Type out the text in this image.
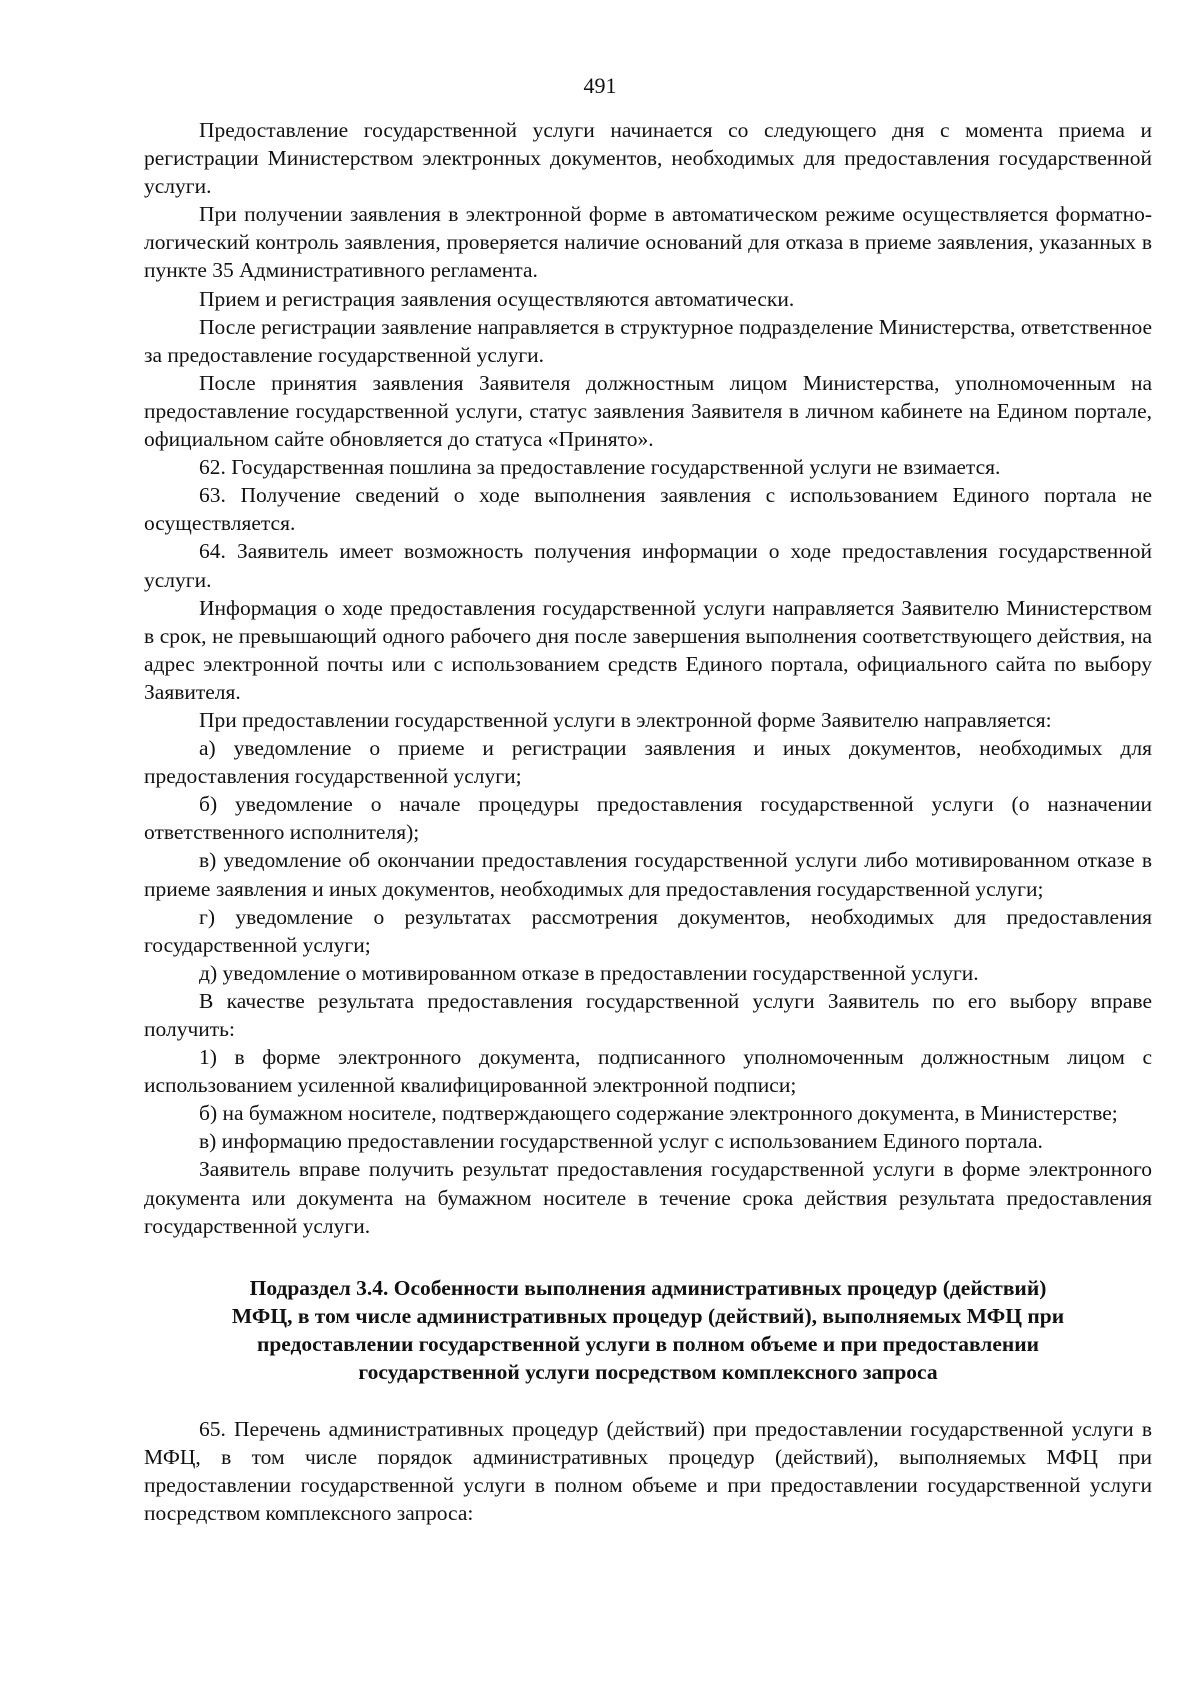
491

Предоставление государственной услуги начинается со следующего дня с момента приема и регистрации Министерством электронных документов, необходимых для предоставления государственной услуги.

При получении заявления в электронной форме в автоматическом режиме осуществляется форматно-логический контроль заявления, проверяется наличие оснований для отказа в приеме заявления, указанных в пункте 35 Административного регламента.

Прием и регистрация заявления осуществляются автоматически.

После регистрации заявление направляется в структурное подразделение Министерства, ответственное за предоставление государственной услуги.

После принятия заявления Заявителя должностным лицом Министерства, уполномоченным на предоставление государственной услуги, статус заявления Заявителя в личном кабинете на Едином портале, официальном сайте обновляется до статуса «Принято».

62. Государственная пошлина за предоставление государственной услуги не взимается.

63. Получение сведений о ходе выполнения заявления с использованием Единого портала не осуществляется.

64. Заявитель имеет возможность получения информации о ходе предоставления государственной услуги.

Информация о ходе предоставления государственной услуги направляется Заявителю Министерством в срок, не превышающий одного рабочего дня после завершения выполнения соответствующего действия, на адрес электронной почты или с использованием средств Единого портала, официального сайта по выбору Заявителя.

При предоставлении государственной услуги в электронной форме Заявителю направляется:

а) уведомление о приеме и регистрации заявления и иных документов, необходимых для предоставления государственной услуги;

б) уведомление о начале процедуры предоставления государственной услуги (о назначении ответственного исполнителя);

в) уведомление об окончании предоставления государственной услуги либо мотивированном отказе в приеме заявления и иных документов, необходимых для предоставления государственной услуги;

г) уведомление о результатах рассмотрения документов, необходимых для предоставления государственной услуги;

д) уведомление о мотивированном отказе в предоставлении государственной услуги.

В качестве результата предоставления государственной услуги Заявитель по его выбору вправе получить:

1) в форме электронного документа, подписанного уполномоченным должностным лицом с использованием усиленной квалифицированной электронной подписи;

б) на бумажном носителе, подтверждающего содержание электронного документа, в Министерстве;

в) информацию предоставлении государственной услуг с использованием Единого портала.

Заявитель вправе получить результат предоставления государственной услуги в форме электронного документа или документа на бумажном носителе в течение срока действия результата предоставления государственной услуги.

Подраздел 3.4. Особенности выполнения административных процедур (действий)

МФЦ, в том числе административных процедур (действий), выполняемых МФЦ при

предоставлении государственной услуги в полном объеме и при предоставлении

государственной услуги посредством комплексного запроса

65. Перечень административных процедур (действий) при предоставлении государственной услуги в МФЦ, в том числе порядок административных процедур (действий), выполняемых МФЦ при предоставлении государственной услуги в полном объеме и при предоставлении государственной услуги посредством комплексного запроса:
